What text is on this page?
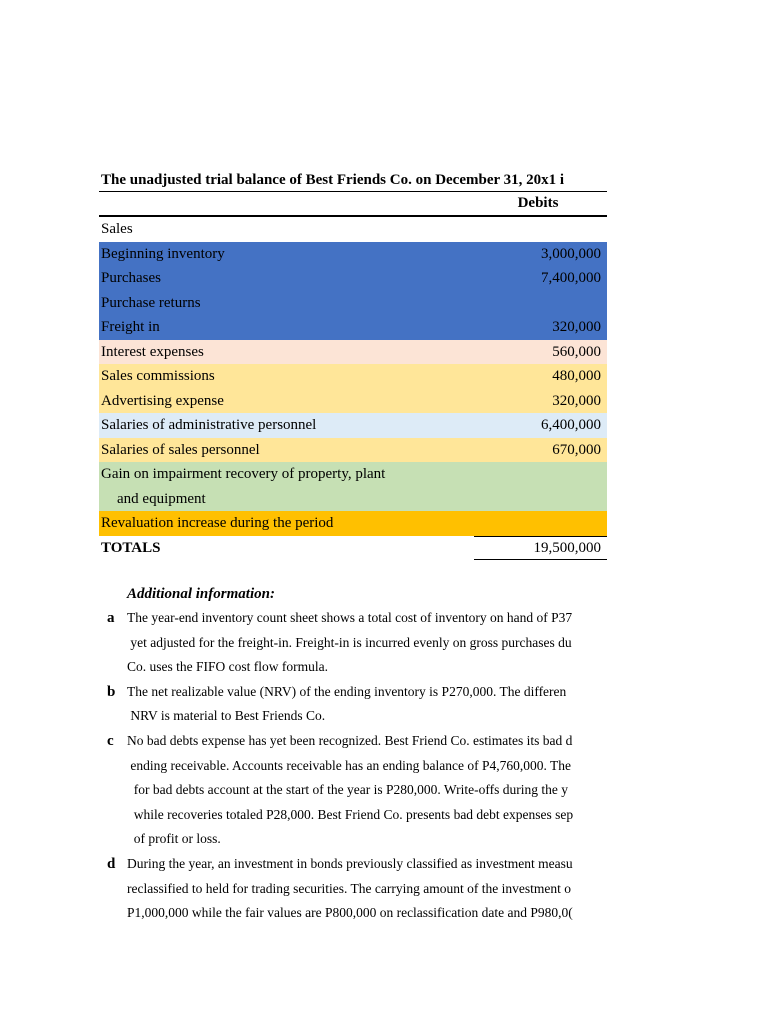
The unadjusted trial balance of Best Friends Co. on December 31, 20x1 i
Debits
Sales
Beginning inventory	3,000,000
Purchases	7,400,000
Purchase returns
Freight in	320,000
Interest expenses	560,000
Sales commissions	480,000
Advertising expense	320,000
Salaries of administrative personnel	6,400,000
Salaries of sales personnel	670,000
Gain on impairment recovery of property, plant
and equipment
Revaluation increase during the period
TOTALS	19,500,000
Additional information:
a The year-end inventory count sheet shows a total cost of inventory on hand of P37
yet adjusted for the freight-in. Freight-in is incurred evenly on gross purchases du
Co. uses the FIFO cost flow formula.
b The net realizable value (NRV) of the ending inventory is P270,000. The differen
NRV is material to Best Friends Co.
c No bad debts expense has yet been recognized. Best Friend Co. estimates its bad d
ending receivable. Accounts receivable has an ending balance of P4,760,000. The
for bad debts account at the start of the year is P280,000. Write-offs during the y
while recoveries totaled P28,000. Best Friend Co. presents bad debt expenses sep
of profit or loss.
d During the year, an investment in bonds previously classified as investment measu
reclassified to held for trading securities. The carrying amount of the investment o
P1,000,000 while the fair values are P800,000 on reclassification date and P980,0(
